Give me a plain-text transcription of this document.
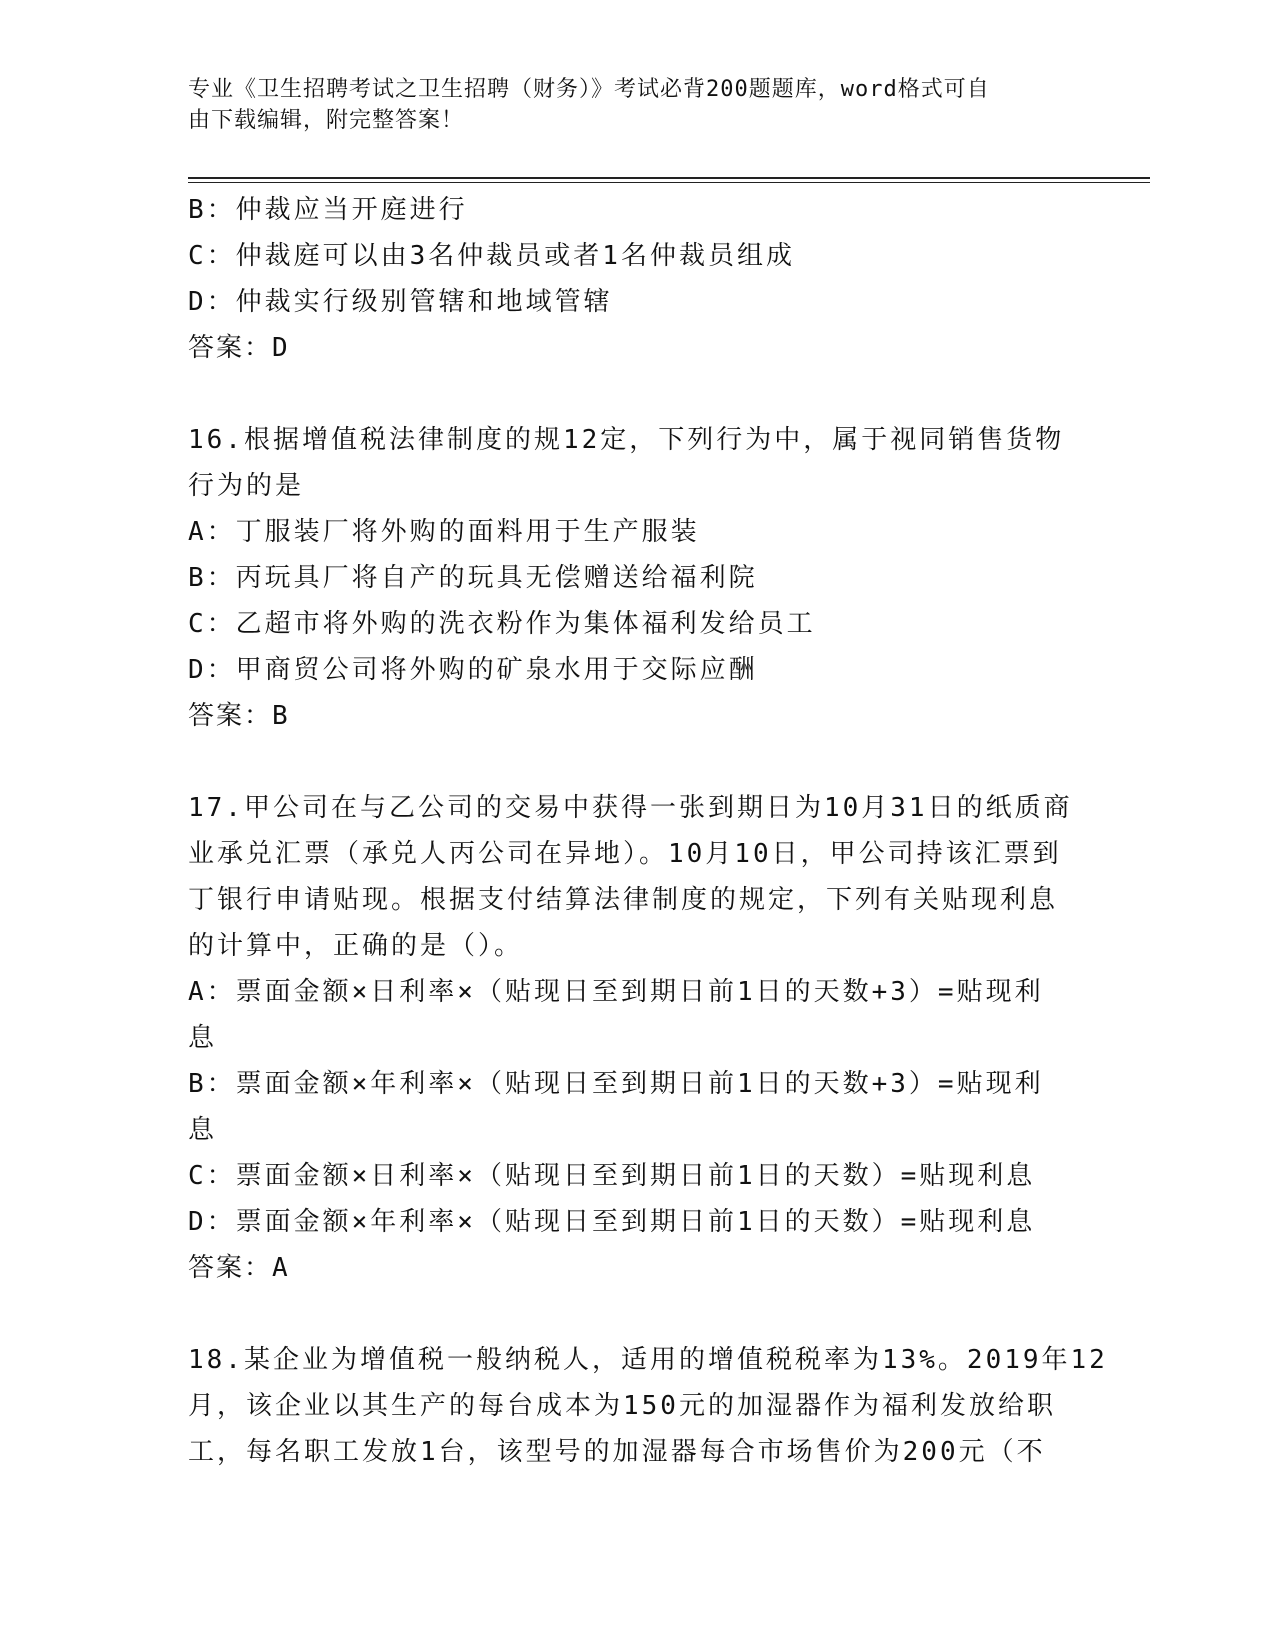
专业《卫生招聘考试之卫生招聘（财务）》考试必背200题题库，word格式可自
由下载编辑，附完整答案！
B：仲裁应当开庭进行
C：仲裁庭可以由3名仲裁员或者1名仲裁员组成
D：仲裁实行级别管辖和地域管辖
答案：D
16.根据增值税法律制度的规12定，下列行为中，属于视同销售货物
行为的是
A：丁服装厂将外购的面料用于生产服装
B：丙玩具厂将自产的玩具无偿赠送给福利院
C：乙超市将外购的洗衣粉作为集体福利发给员工
D：甲商贸公司将外购的矿泉水用于交际应酬
答案：B
17.甲公司在与乙公司的交易中获得一张到期日为10月31日的纸质商
业承兑汇票（承兑人丙公司在异地）。10月10日，甲公司持该汇票到
丁银行申请贴现。根据支付结算法律制度的规定，下列有关贴现利息
的计算中，正确的是（）。
A：票面金额×日利率×（贴现日至到期日前1日的天数+3）=贴现利
息
B：票面金额×年利率×（贴现日至到期日前1日的天数+3）=贴现利
息
C：票面金额×日利率×（贴现日至到期日前1日的天数）=贴现利息
D：票面金额×年利率×（贴现日至到期日前1日的天数）=贴现利息
答案：A
18.某企业为增值税一般纳税人，适用的增值税税率为13%。2019年12
月，该企业以其生产的每台成本为150元的加湿器作为福利发放给职
工，每名职工发放1台，该型号的加湿器每合市场售价为200元（不
